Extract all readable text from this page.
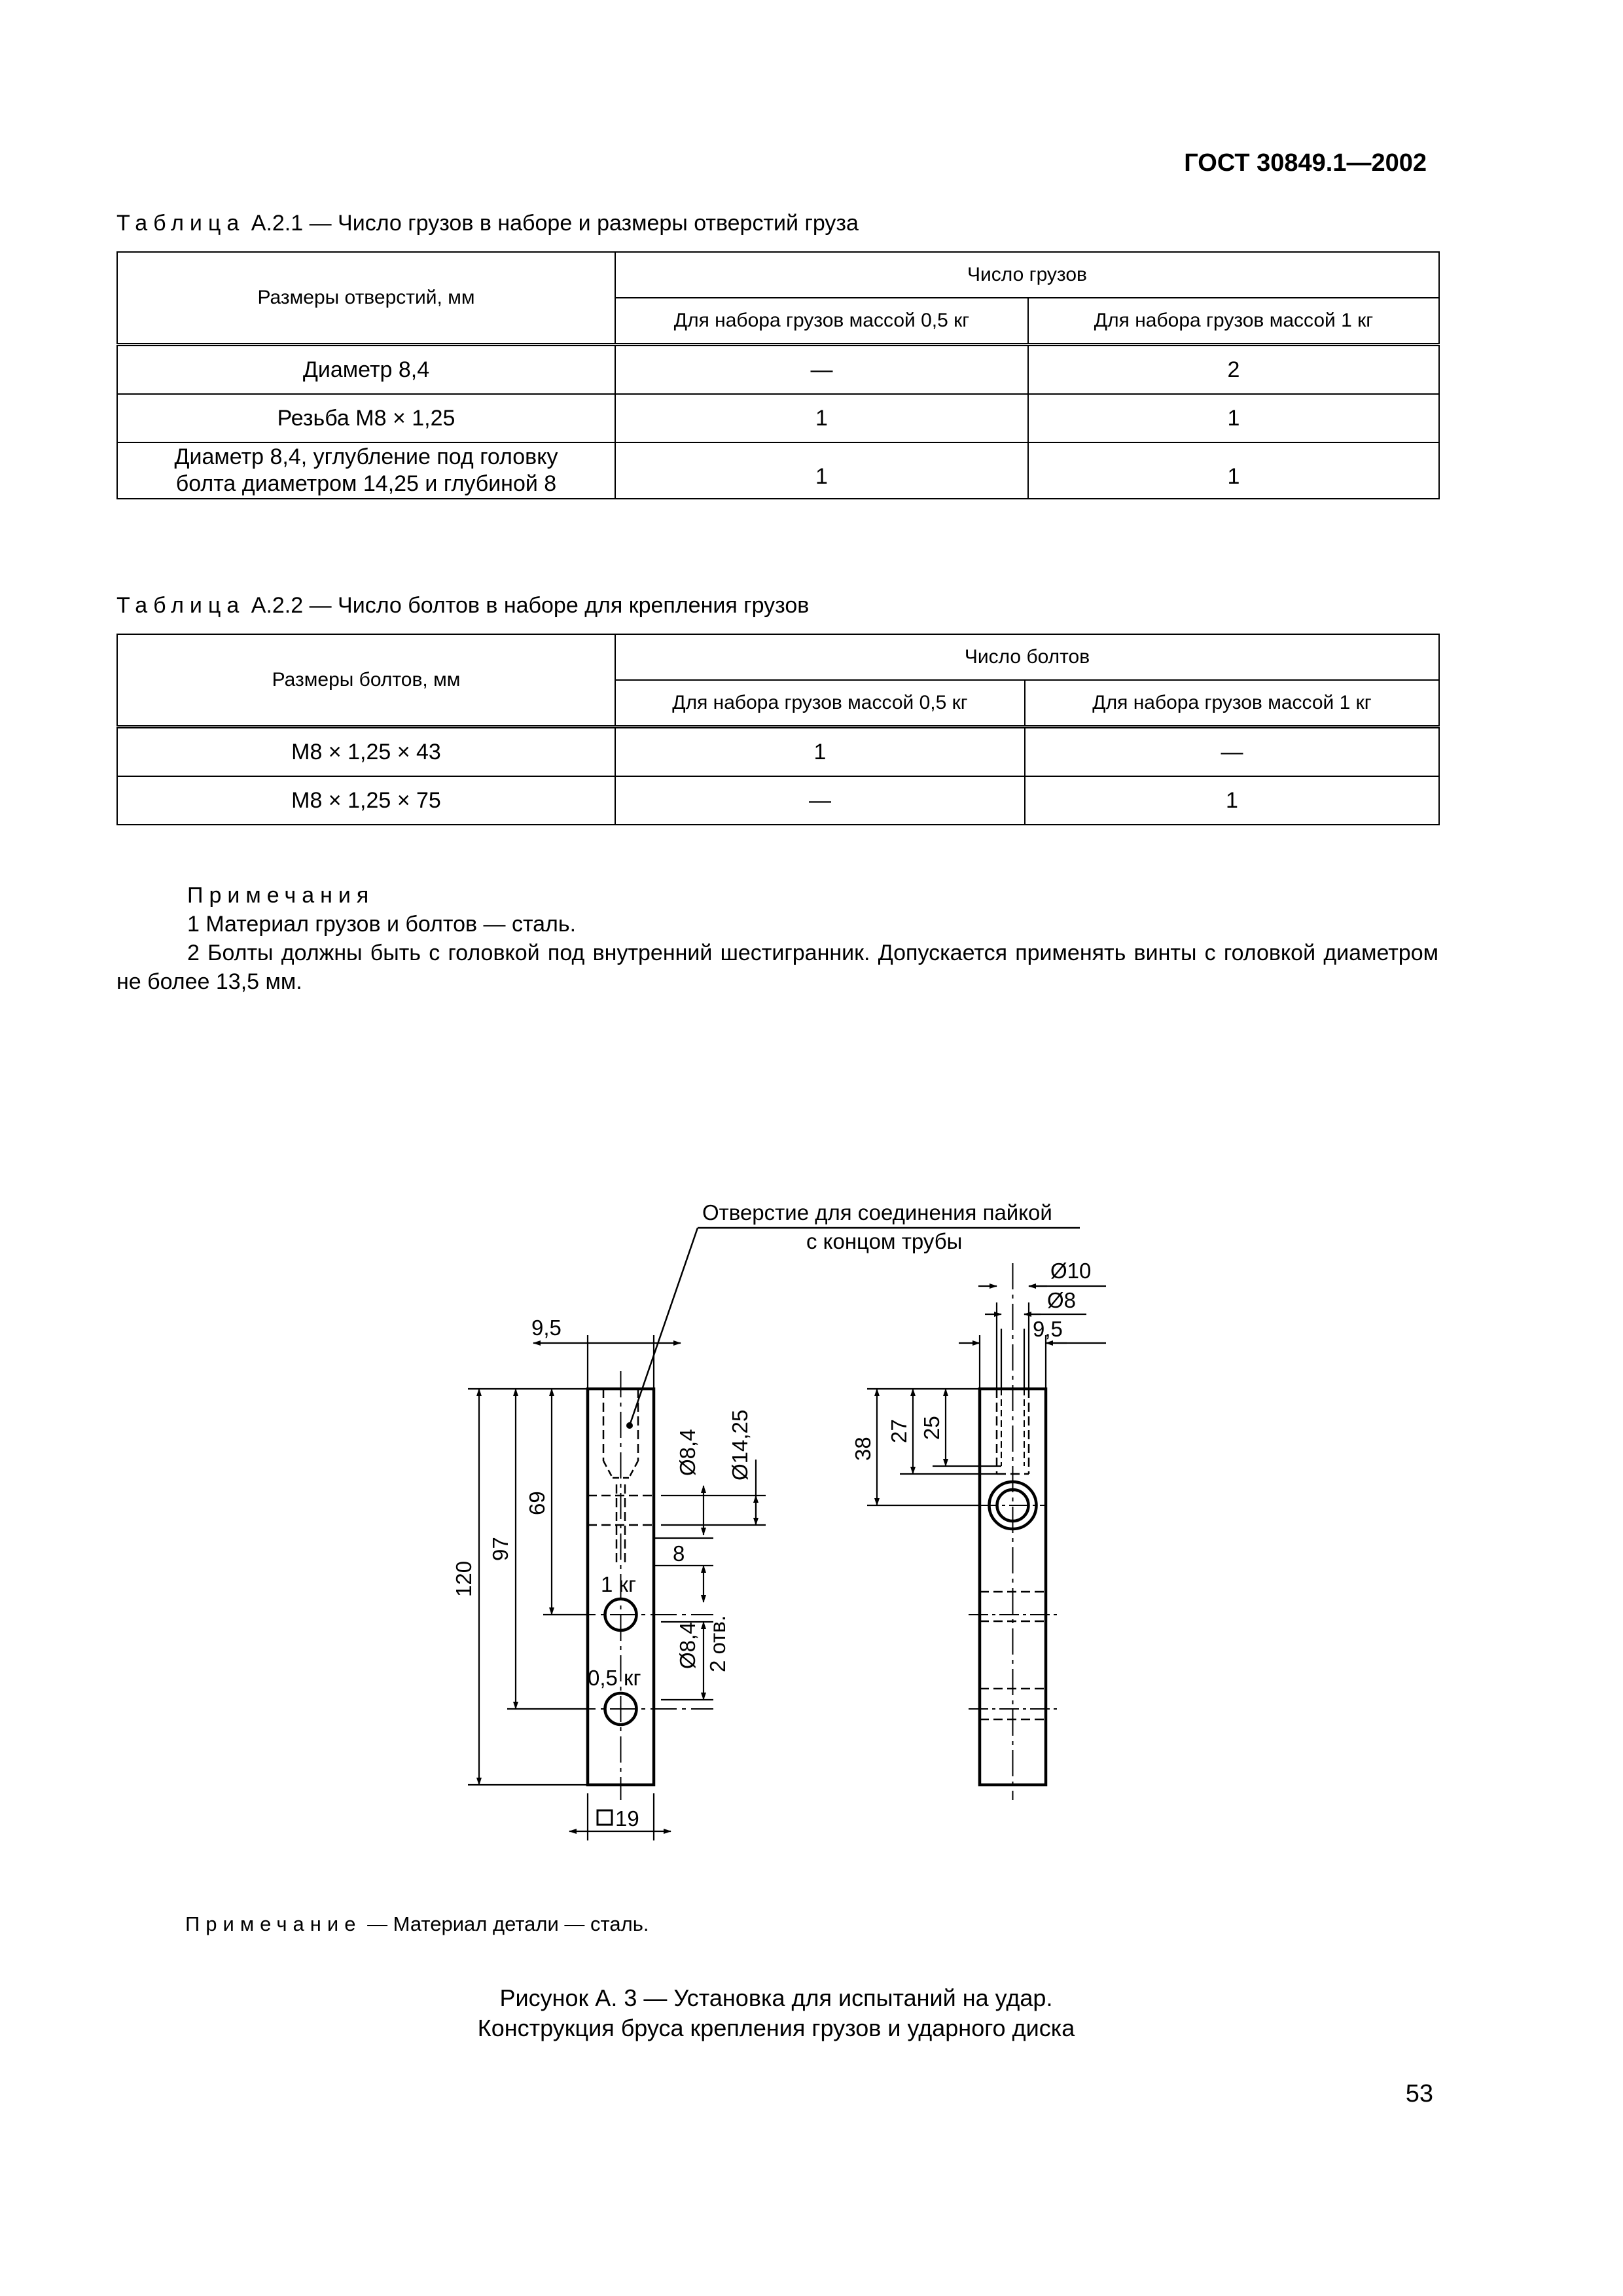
ГОСТ 30849.1—2002
Таблица А.2.1 — Число грузов в наборе и размеры отверстий груза
Размеры отверстий, мм	Число грузов	
	Для набора грузов массой 0,5 кг	Для набора грузов массой 1 кг
Диаметр 8,4	—	2
Резьба М8 × 1,25	1	1
Диаметр 8,4, углубление под головку
болта диаметром 14,25 и глубиной 8	1	1
Таблица А.2.2 — Число болтов в наборе для крепления грузов
Размеры болтов, мм	Число болтов	
	Для набора грузов массой 0,5 кг	Для набора грузов массой 1 кг
М8 × 1,25 × 43	1	—
М8 × 1,25 × 75	—	1

Примечания

1 Материал грузов и болтов — сталь.

2 Болты должны быть с головкой под внутренний шестигранник. Допускается применять винты с головкой диаметром не более 13,5 мм.

Отверстие для соединения пайкой
с концом трубы
9,5
120
97
69
Ø8,4 Ø14,25
8
1 кг
0,5 кг
Ø8,4 2 отв.
19
Ø10
Ø8
9,5
38
27 25
Примечание — Материал детали — сталь.
Рисунок А. 3 — Установка для испытаний на удар.
Конструкция бруса крепления грузов и ударного диска
53
